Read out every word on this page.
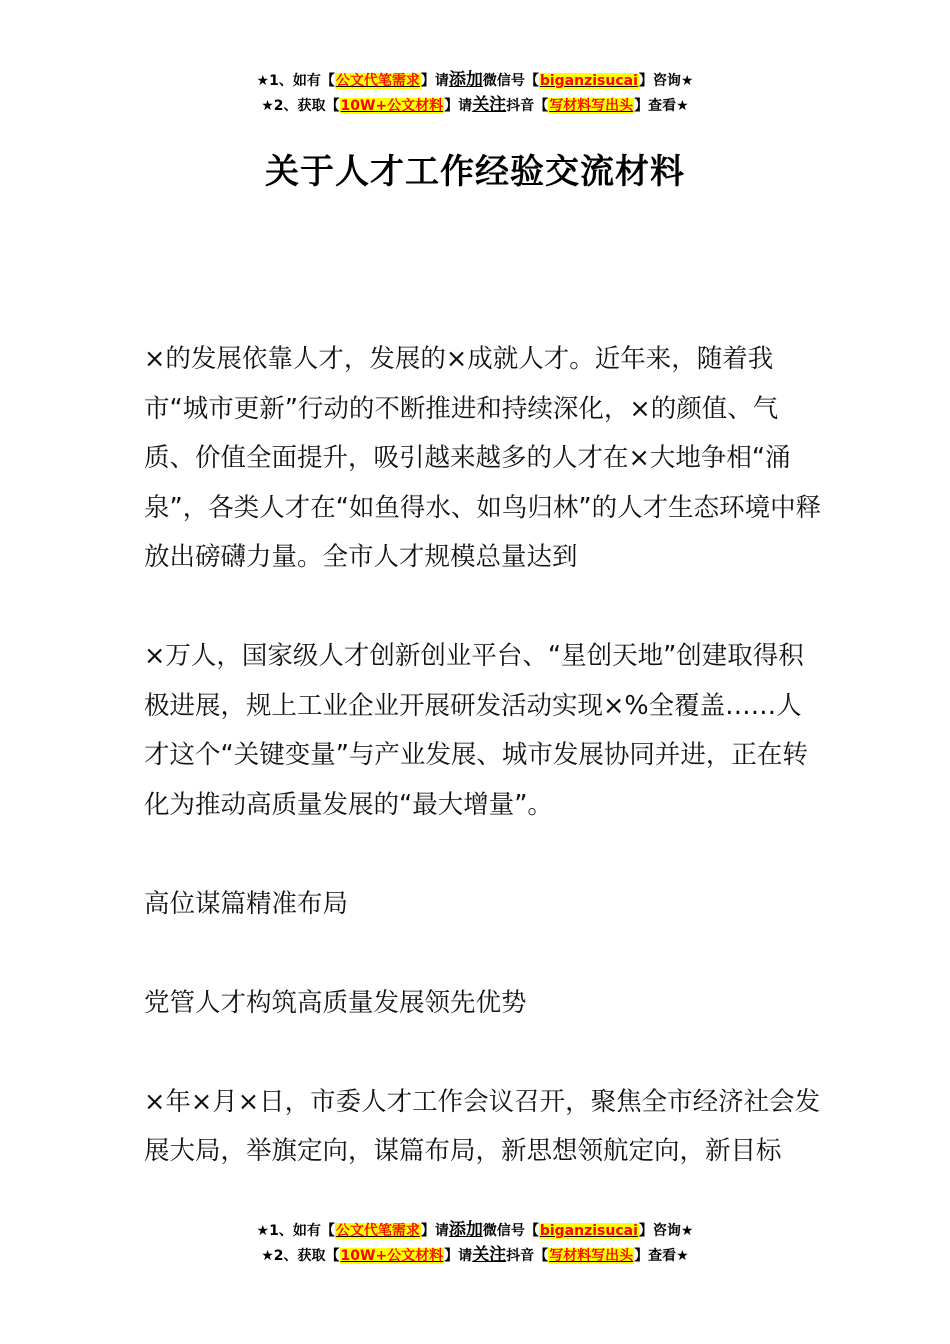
★1、如有【公文代笔需求】请添加微信号【biganzisucai】咨询★
★2、获取【10W+公文材料】请关注抖音【写材料写出头】查看★
关于人才工作经验交流材料

×的发展依靠人才，发展的×成就人才。近年来，随着我市“城市更新”行动的不断推进和持续深化，×的颜值、气质、价值全面提升，吸引越来越多的人才在×大地争相“涌泉”，各类人才在“如鱼得水、如鸟归林”的人才生态环境中释放出磅礴力量。全市人才规模总量达到

×万人，国家级人才创新创业平台、“星创天地”创建取得积极进展，规上工业企业开展研发活动实现×%全覆盖……人才这个“关键变量”与产业发展、城市发展协同并进，正在转化为推动高质量发展的“最大增量”。

高位谋篇精准布局

党管人才构筑高质量发展领先优势

×年×月×日，市委人才工作会议召开，聚焦全市经济社会发展大局，举旗定向，谋篇布局，新思想领航定向，新目标

★1、如有【公文代笔需求】请添加微信号【biganzisucai】咨询★
★2、获取【10W+公文材料】请关注抖音【写材料写出头】查看★
